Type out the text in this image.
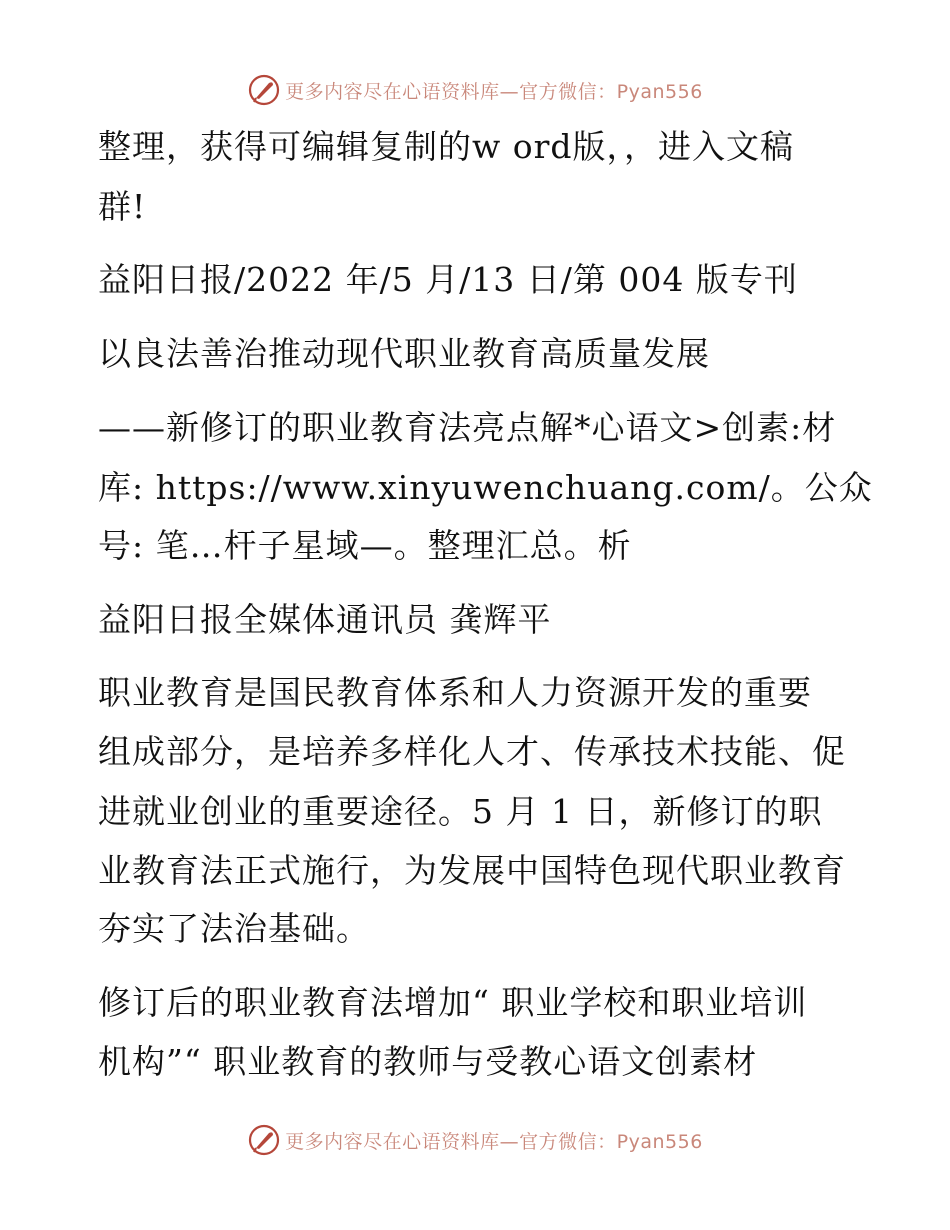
更多内容尽在心语资料库—官方微信：Pyan556
整理，获得可编辑复制的w ord版，，进入文稿
群!
益阳日报/2022 年/5 月/13 日/第 004 版专刊
以良法善治推动现代职业教育高质量发展
——新修订的职业教育法亮点解*心语文>创素:材
库: https://www.xinyuwenchuang.com/。公众
号: 笔…杆子星域—。整理汇总。析
益阳日报全媒体通讯员 龚辉平
职业教育是国民教育体系和人力资源开发的重要
组成部分，是培养多样化人才、传承技术技能、促
进就业创业的重要途径。5 月 1 日，新修订的职
业教育法正式施行，为发展中国特色现代职业教育
夯实了法治基础。
修订后的职业教育法增加“ 职业学校和职业培训
机构”“ 职业教育的教师与受教心语文创素材
更多内容尽在心语资料库—官方微信：Pyan556
